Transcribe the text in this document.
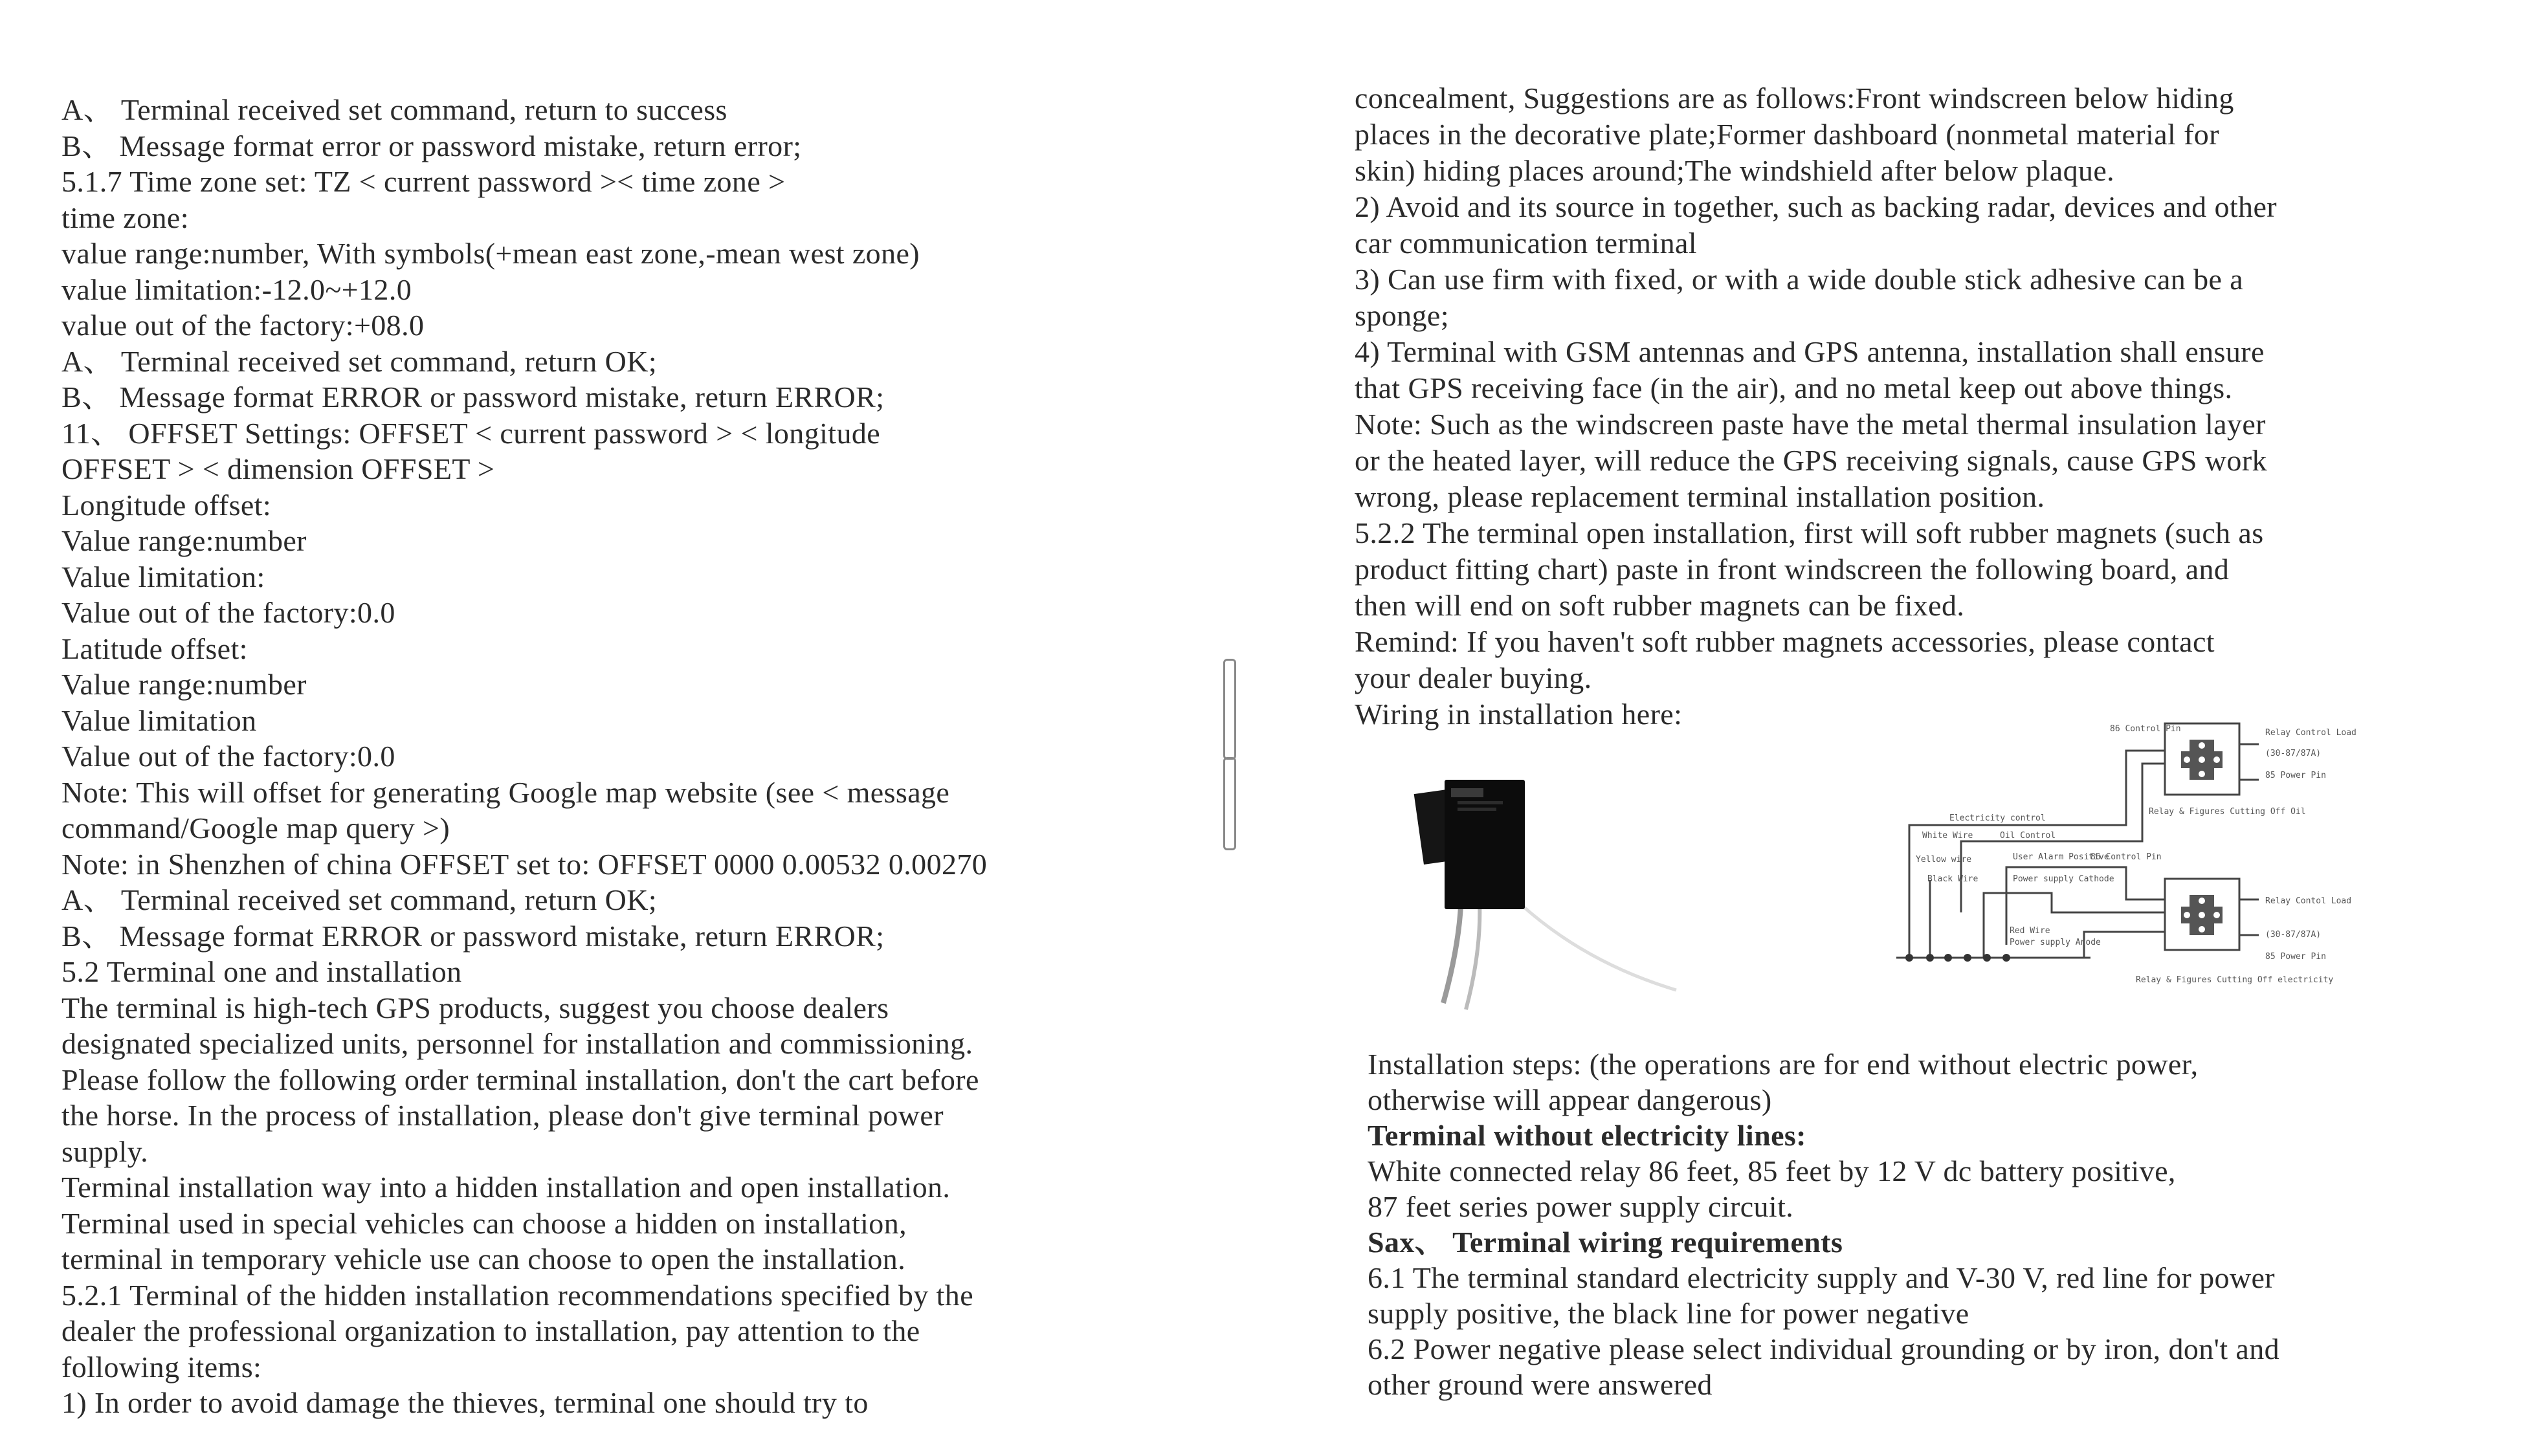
A、 Terminal received set command, return to success
B、 Message format error or password mistake, return error;
5.1.7 Time zone set: TZ < current password >< time zone >
time zone:
value range:number, With symbols(+mean east zone,-mean west zone)
value limitation:-12.0~+12.0
value out of the factory:+08.0
A、 Terminal received set command, return OK;
B、 Message format ERROR or password mistake, return ERROR;
11、 OFFSET Settings: OFFSET < current password > < longitude
OFFSET > < dimension OFFSET >
Longitude offset:
Value range:number
Value limitation:
Value out of the factory:0.0
Latitude offset:
Value range:number
Value limitation
Value out of the factory:0.0
Note: This will offset for generating Google map website (see < message
command/Google map query >)
Note: in Shenzhen of china OFFSET set to: OFFSET 0000 0.00532 0.00270
A、 Terminal received set command, return OK;
B、 Message format ERROR or password mistake, return ERROR;
5.2 Terminal one and installation
The terminal is high-tech GPS products, suggest you choose dealers
designated specialized units, personnel for installation and commissioning.
Please follow the following order terminal installation, don't the cart before
the horse. In the process of installation, please don't give terminal power
supply.
Terminal installation way into a hidden installation and open installation.
Terminal used in special vehicles can choose a hidden on installation,
terminal in temporary vehicle use can choose to open the installation.
5.2.1 Terminal of the hidden installation recommendations specified by the
dealer the professional organization to installation, pay attention to the
following items:
1) In order to avoid damage the thieves, terminal one should try to
concealment, Suggestions are as follows:Front windscreen below hiding
places in the decorative plate;Former dashboard (nonmetal material for
skin) hiding places around;The windshield after below plaque.
2) Avoid and its source in together, such as backing radar, devices and other
car communication terminal
3) Can use firm with fixed, or with a wide double stick adhesive can be a
sponge;
4) Terminal with GSM antennas and GPS antenna, installation shall ensure
that GPS receiving face (in the air), and no metal keep out above things.
Note: Such as the windscreen paste have the metal thermal insulation layer
or the heated layer, will reduce the GPS receiving signals, cause GPS work
wrong, please replacement terminal installation position.
5.2.2 The terminal open installation, first will soft rubber magnets (such as
product fitting chart) paste in front windscreen the following board, and
then will end on soft rubber magnets can be fixed.
Remind: If you haven't soft rubber magnets accessories, please contact
your dealer buying.
Wiring in installation here:
Installation steps: (the operations are for end without electric power,
otherwise will appear dangerous)
Terminal without electricity lines:
White connected relay 86 feet, 85 feet by 12 V dc battery positive,
87 feet series power supply circuit.
Sax、 Terminal wiring requirements
6.1 The terminal standard electricity supply and V-30 V, red line for power
supply positive, the black line for power negative
6.2 Power negative please select individual grounding or by iron, don't and
other ground were answered
86 Control Pin	Relay Control Load
(30-87/87A)
85 Power Pin
Relay & Figures Cutting Off Oil
Electricity control
White Wire	Oil Control
Yellow wire	User Alarm Positive
86 Control Pin
Black Wire	Power supply Cathode
Red Wire
Power supply Anode
Relay Contol Load
(30-87/87A)
85 Power Pin
Relay & Figures Cutting Off electricity
